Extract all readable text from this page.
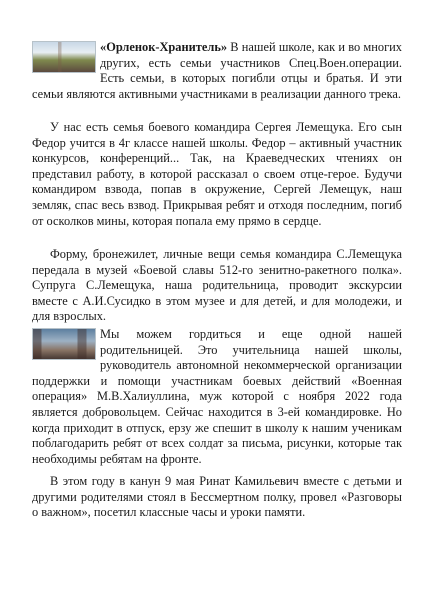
«Орленок-Хранитель» В нашей школе, как и во многих других, есть семьи участников Спец.Воен.операции. Есть семьи, в которых погибли отцы и братья. И эти семьи являются активными участниками в реализации данного трека.

У нас есть семья боевого командира Сергея Лемещука. Его сын Федор учится в 4г классе нашей школы. Федор – активный участник конкурсов, конференций... Так, на Краеведческих чтениях он представил работу, в которой рассказал о своем отце-герое. Будучи командиром взвода, попав в окружение, Сергей Лемещук, наш земляк, спас весь взвод. Прикрывая ребят и отходя последним, погиб от осколков мины, которая попала ему прямо в сердце.

Форму, бронежилет, личные вещи семья командира С.Лемещука передала в музей «Боевой славы 512-го зенитно-ракетного полка». Супруга С.Лемещука, наша родительница, проводит экскурсии вместе с А.И.Сусидко в этом музее и для детей, и для молодежи, и для взрослых.

Мы можем гордиться и еще одной нашей родительницей. Это учительница нашей школы, руководитель автономной некоммерческой организации поддержки и помощи участникам боевых действий «Военная операция» М.В.Халиуллина, муж которой с ноября 2022 года является добровольцем. Сейчас находится в 3-ей командировке. Но когда приходит в отпуск, ерзу же спешит в школу к нашим ученикам поблагодарить ребят от всех солдат за письма, рисунки, которые так необходимы ребятам на фронте.

В этом году в канун 9 мая Ринат Камильевич вместе с детьми и другими родителями стоял в Бессмертном полку, провел «Разговоры о важном», посетил классные часы и уроки памяти.
